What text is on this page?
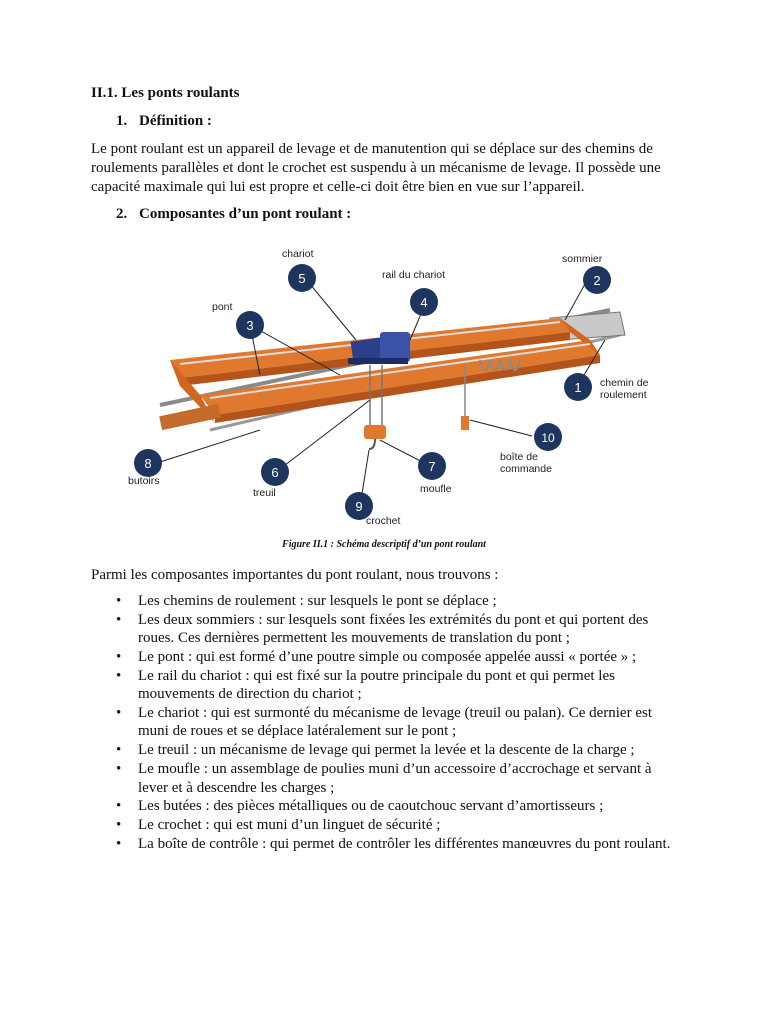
II.1. Les ponts roulants

1. Définition :

Le pont roulant est un appareil de levage et de manutention qui se déplace sur des chemins de roulements parallèles et dont le crochet est suspendu à un mécanisme de levage. Il possède une capacité maximale qui lui est propre et celle-ci doit être bien en vue sur l’appareil.

2. Composantes d’un pont roulant :

5
4
2
3
1
10
8
6	7
9
chariot
rail du chariot
sommier
pont
chemin de
roulement
boîte de
commande
butoirs
treuil	moufle
crochet
Figure II.1 : Schéma descriptif d’un pont roulant

Parmi les composantes importantes du pont roulant, nous trouvons :

• Les chemins de roulement : sur lesquels le pont se déplace ;
• Les deux sommiers : sur lesquels sont fixées les extrémités du pont et qui portent des roues. Ces dernières permettent les mouvements de translation du pont ;
• Le pont : qui est formé d’une poutre simple ou composée appelée aussi « portée » ;
• Le rail du chariot : qui est fixé sur la poutre principale du pont et qui permet les mouvements de direction du chariot ;
• Le chariot : qui est surmonté du mécanisme de levage (treuil ou palan). Ce dernier est muni de roues et se déplace latéralement sur le pont ;
• Le treuil : un mécanisme de levage qui permet la levée et la descente de la charge ;
• Le moufle : un assemblage de poulies muni d’un accessoire d’accrochage et servant à lever et à descendre les charges ;
• Les butées : des pièces métalliques ou de caoutchouc servant d’amortisseurs ;
• Le crochet : qui est muni d’un linguet de sécurité ;
• La boîte de contrôle : qui permet de contrôler les différentes manœuvres du pont roulant.
